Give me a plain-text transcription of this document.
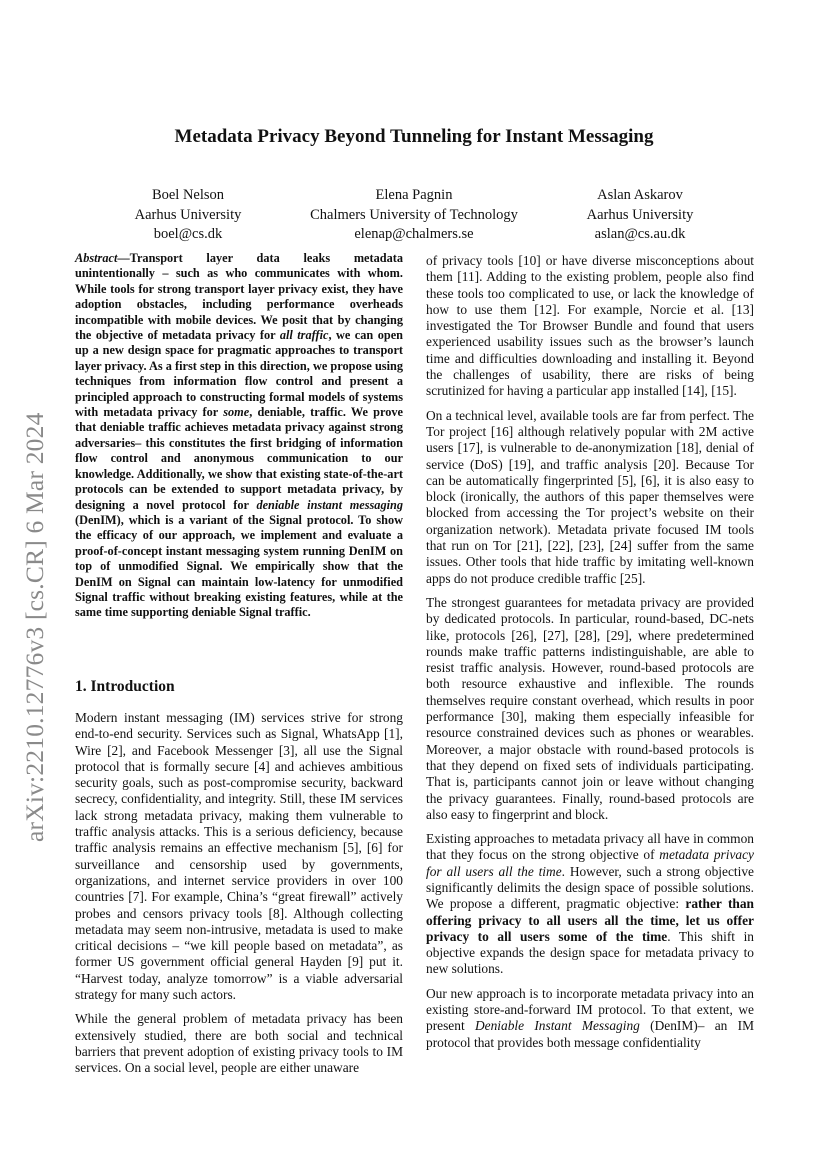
arXiv:2210.12776v3 [cs.CR] 6 Mar 2024
Metadata Privacy Beyond Tunneling for Instant Messaging
Boel Nelson
Aarhus University
boel@cs.dk
Elena Pagnin
Chalmers University of Technology
elenap@chalmers.se
Aslan Askarov
Aarhus University
aslan@cs.au.dk
Abstract—Transport layer data leaks metadata unintentionally – such as who communicates with whom. While tools for strong transport layer privacy exist, they have adoption obstacles, including performance overheads incompatible with mobile devices. We posit that by changing the objective of metadata privacy for all traffic, we can open up a new design space for pragmatic approaches to transport layer privacy. As a first step in this direction, we propose using techniques from information flow control and present a principled approach to constructing formal models of systems with metadata privacy for some, deniable, traffic. We prove that deniable traffic achieves metadata privacy against strong adversaries– this constitutes the first bridging of information flow control and anonymous communication to our knowledge. Additionally, we show that existing state-of-the-art protocols can be extended to support metadata privacy, by designing a novel protocol for deniable instant messaging (DenIM), which is a variant of the Signal protocol. To show the efficacy of our approach, we implement and evaluate a proof-of-concept instant messaging system running DenIM on top of unmodified Signal. We empirically show that the DenIM on Signal can maintain low-latency for unmodified Signal traffic without breaking existing features, while at the same time supporting deniable Signal traffic.
1. Introduction

Modern instant messaging (IM) services strive for strong end-to-end security. Services such as Signal, WhatsApp [1], Wire [2], and Facebook Messenger [3], all use the Signal protocol that is formally secure [4] and achieves ambitious security goals, such as post-compromise security, backward secrecy, confidentiality, and integrity. Still, these IM services lack strong metadata privacy, making them vulnerable to traffic analysis attacks. This is a serious deficiency, because traffic analysis remains an effective mechanism [5], [6] for surveillance and censorship used by governments, organizations, and internet service providers in over 100 countries [7]. For example, China’s “great firewall” actively probes and censors privacy tools [8]. Although collecting metadata may seem non-intrusive, metadata is used to make critical decisions – “we kill people based on metadata”, as former US government official general Hayden [9] put it. “Harvest today, analyze tomorrow” is a viable adversarial strategy for many such actors.

While the general problem of metadata privacy has been extensively studied, there are both social and technical barriers that prevent adoption of existing privacy tools to IM services. On a social level, people are either unaware

of privacy tools [10] or have diverse misconceptions about them [11]. Adding to the existing problem, people also find these tools too complicated to use, or lack the knowledge of how to use them [12]. For example, Norcie et al. [13] investigated the Tor Browser Bundle and found that users experienced usability issues such as the browser’s launch time and difficulties downloading and installing it. Beyond the challenges of usability, there are risks of being scrutinized for having a particular app installed [14], [15].

On a technical level, available tools are far from perfect. The Tor project [16] although relatively popular with 2M active users [17], is vulnerable to de-anonymization [18], denial of service (DoS) [19], and traffic analysis [20]. Because Tor can be automatically fingerprinted [5], [6], it is also easy to block (ironically, the authors of this paper themselves were blocked from accessing the Tor project’s website on their organization network). Metadata private focused IM tools that run on Tor [21], [22], [23], [24] suffer from the same issues. Other tools that hide traffic by imitating well-known apps do not produce credible traffic [25].

The strongest guarantees for metadata privacy are provided by dedicated protocols. In particular, round-based, DC-nets like, protocols [26], [27], [28], [29], where predetermined rounds make traffic patterns indistinguishable, are able to resist traffic analysis. However, round-based protocols are both resource exhaustive and inflexible. The rounds themselves require constant overhead, which results in poor performance [30], making them especially infeasible for resource constrained devices such as phones or wearables. Moreover, a major obstacle with round-based protocols is that they depend on fixed sets of individuals participating. That is, participants cannot join or leave without changing the privacy guarantees. Finally, round-based protocols are also easy to fingerprint and block.

Existing approaches to metadata privacy all have in common that they focus on the strong objective of metadata privacy for all users all the time. However, such a strong objective significantly delimits the design space of possible solutions. We propose a different, pragmatic objective: rather than offering privacy to all users all the time, let us offer privacy to all users some of the time. This shift in objective expands the design space for metadata privacy to new solutions.

Our new approach is to incorporate metadata privacy into an existing store-and-forward IM protocol. To that extent, we present Deniable Instant Messaging (DenIM)– an IM protocol that provides both message confidentiality
